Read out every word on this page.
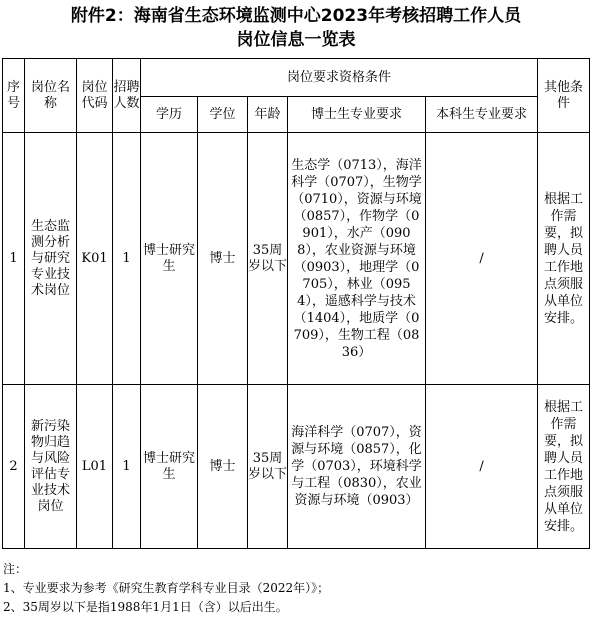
附件2：海南省生态环境监测中心2023年考核招聘工作人员
岗位信息一览表
序号	岗位名称	岗位代码	招聘人数	岗位要求资格条件					其他条件
				学历	学位	年龄	博士生专业要求	本科生专业要求	
1	生态监测分析与研究专业技术岗位	K01	1	博士研究生	博士	35周岁以下	生态学（0713），海洋科学（0707），生物学（0710），资源与环境（0857），作物学（0901），水产（0908），农业资源与环境（0903），地理学（0705），林业（0954），遥感科学与技术（1404），地质学（0709），生物工程（0836）	/	根据工作需要，拟聘人员工作地点须服从单位安排。
2	新污染物归趋与风险评估专业技术岗位	L01	1	博士研究生	博士	35周岁以下	海洋科学（0707），资源与环境（0857），化学（0703），环境科学与工程（0830），农业资源与环境（0903）	/	根据工作需要，拟聘人员工作地点须服从单位安排。
注：
1、专业要求为参考《研究生教育学科专业目录（2022年）》；
2、35周岁以下是指1988年1月1日（含）以后出生。
